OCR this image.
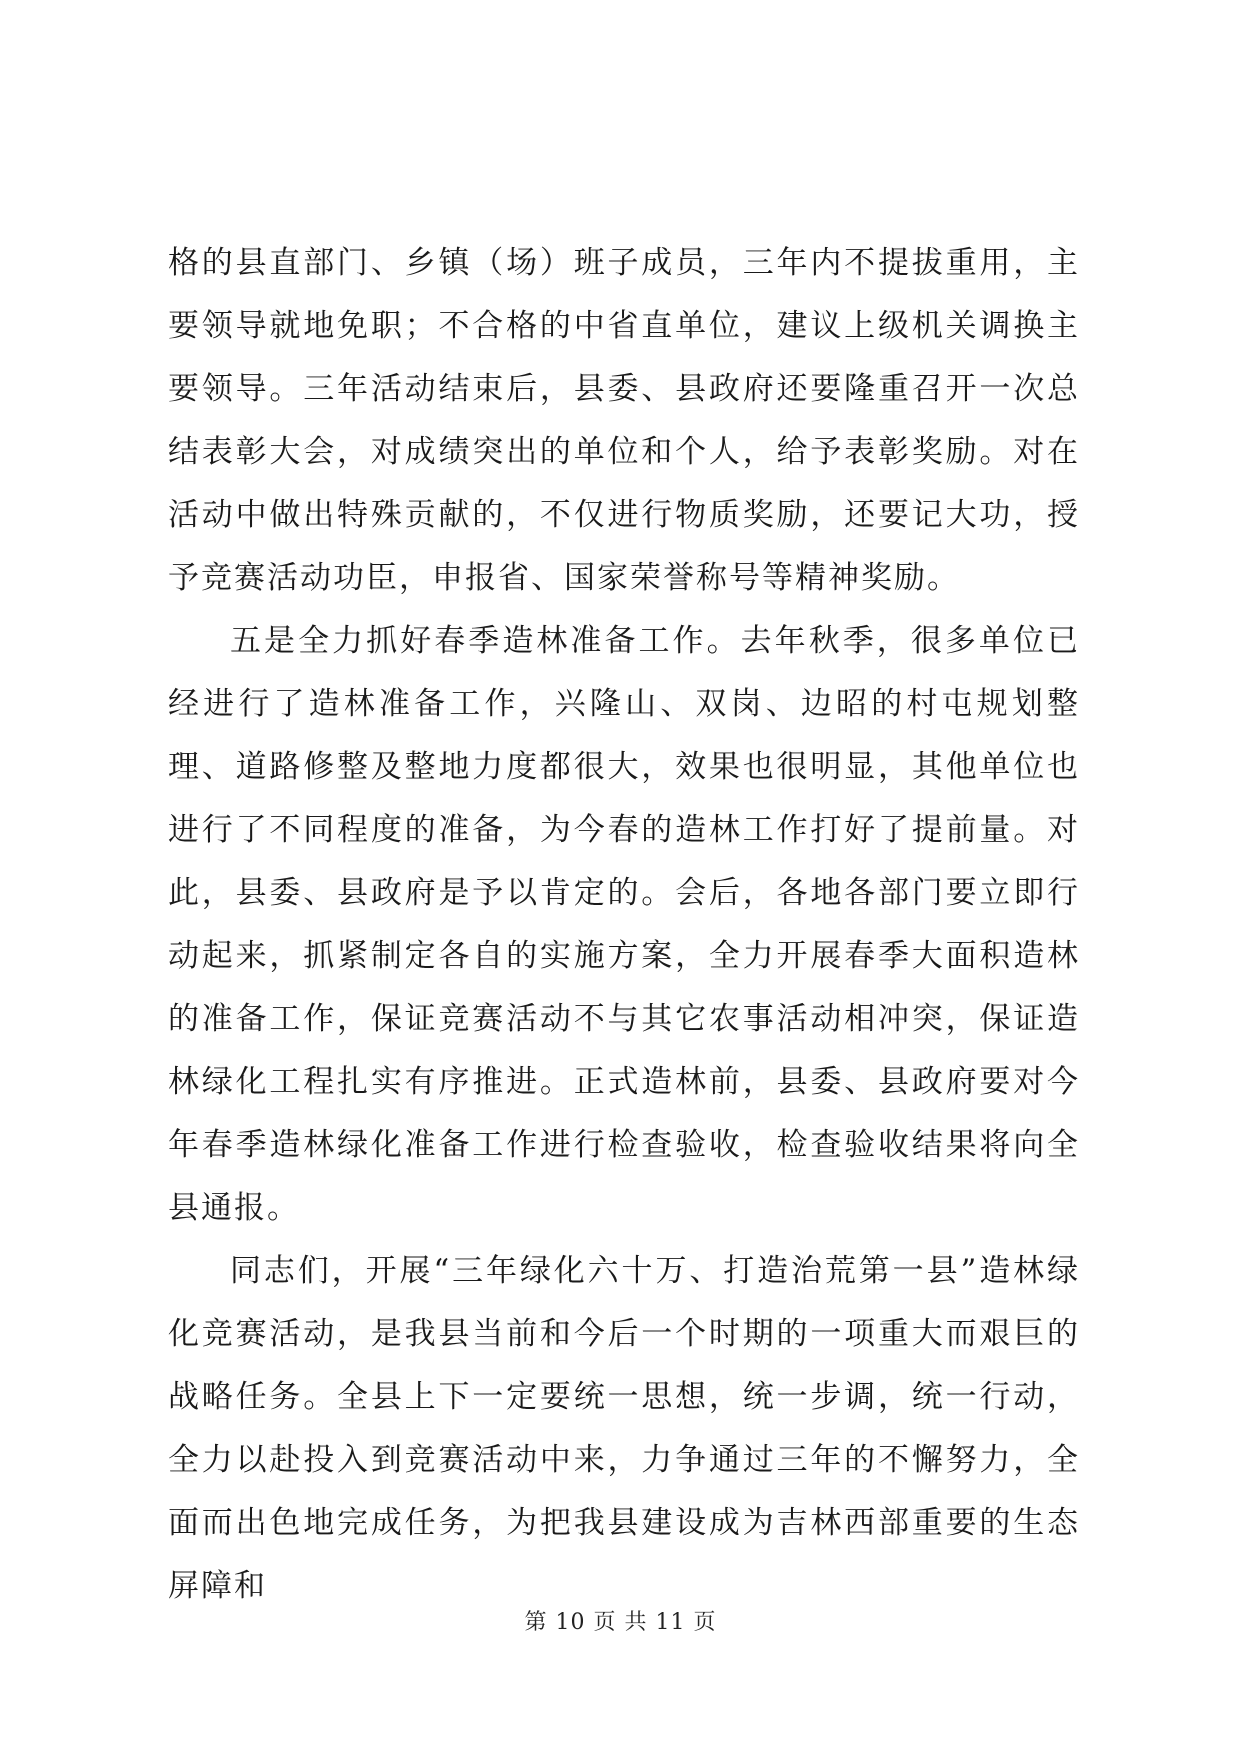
格的县直部门、乡镇（场）班子成员，三年内不提拔重用，主要领导就地免职；不合格的中省直单位，建议上级机关调换主要领导。三年活动结束后，县委、县政府还要隆重召开一次总结表彰大会，对成绩突出的单位和个人，给予表彰奖励。对在活动中做出特殊贡献的，不仅进行物质奖励，还要记大功，授予竞赛活动功臣，申报省、国家荣誉称号等精神奖励。

五是全力抓好春季造林准备工作。去年秋季，很多单位已经进行了造林准备工作，兴隆山、双岗、边昭的村屯规划整理、道路修整及整地力度都很大，效果也很明显，其他单位也进行了不同程度的准备，为今春的造林工作打好了提前量。对此，县委、县政府是予以肯定的。会后，各地各部门要立即行动起来，抓紧制定各自的实施方案，全力开展春季大面积造林的准备工作，保证竞赛活动不与其它农事活动相冲突，保证造林绿化工程扎实有序推进。正式造林前，县委、县政府要对今年春季造林绿化准备工作进行检查验收，检查验收结果将向全县通报。

同志们，开展“三年绿化六十万、打造治荒第一县”造林绿化竞赛活动，是我县当前和今后一个时期的一项重大而艰巨的战略任务。全县上下一定要统一思想，统一步调，统一行动，全力以赴投入到竞赛活动中来，力争通过三年的不懈努力，全面而出色地完成任务，为把我县建设成为吉林西部重要的生态屏障和

第 10 页 共 11 页
